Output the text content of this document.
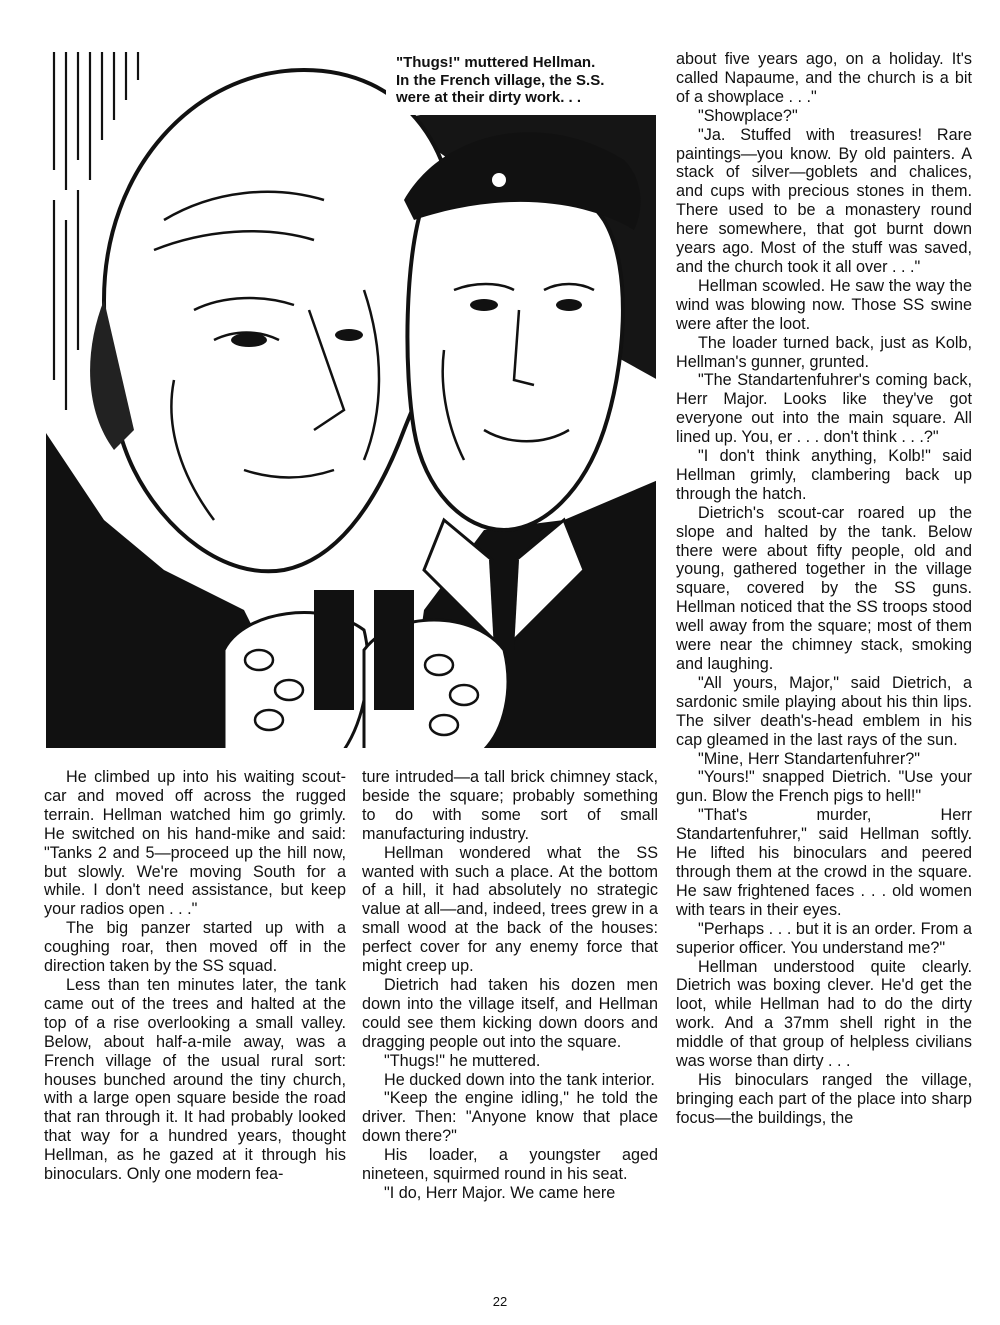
"Thugs!" muttered Hellman.
In the French village, the S.S.
were at their dirty work. . .

about five years ago, on a holiday. It's called Napaume, and the church is a bit of a showplace . . ."

"Showplace?"

"Ja. Stuffed with treasures! Rare paintings—you know. By old painters. A stack of silver—goblets and chalices, and cups with precious stones in them. There used to be a monastery round here somewhere, that got burnt down years ago. Most of the stuff was saved, and the church took it all over . . ."

Hellman scowled. He saw the way the wind was blowing now. Those SS swine were after the loot.

The loader turned back, just as Kolb, Hellman's gunner, grunted.

"The Standartenfuhrer's coming back, Herr Major. Looks like they've got everyone out into the main square. All lined up. You, er . . . don't think . . .?"

"I don't think anything, Kolb!" said Hellman grimly, clambering back up through the hatch.

Dietrich's scout-car roared up the slope and halted by the tank. Below there were about fifty people, old and young, gathered together in the village square, covered by the SS guns. Hellman noticed that the SS troops stood well away from the square; most of them were near the chimney stack, smoking and laughing.

"All yours, Major," said Dietrich, a sardonic smile playing about his thin lips. The silver death's-head emblem in his cap gleamed in the last rays of the sun.

"Mine, Herr Standartenfuhrer?"

"Yours!" snapped Dietrich. "Use your gun. Blow the French pigs to hell!"

"That's murder, Herr Standartenfuhrer," said Hellman softly. He lifted his binoculars and peered through them at the crowd in the square. He saw frightened faces . . . old women with tears in their eyes.

"Perhaps . . . but it is an order. From a superior officer. You understand me?"

Hellman understood quite clearly. Dietrich was boxing clever. He'd get the loot, while Hellman had to do the dirty work. And a 37mm shell right in the middle of that group of helpless civilians was worse than dirty . . .

His binoculars ranged the village, bringing each part of the place into sharp focus—the buildings, the

He climbed up into his waiting scout-car and moved off across the rugged terrain. Hellman watched him go grimly. He switched on his hand-mike and said: "Tanks 2 and 5—proceed up the hill now, but slowly. We're moving South for a while. I don't need assistance, but keep your radios open . . ."

The big panzer started up with a coughing roar, then moved off in the direction taken by the SS squad.

Less than ten minutes later, the tank came out of the trees and halted at the top of a rise overlooking a small valley. Below, about half-a-mile away, was a French village of the usual rural sort: houses bunched around the tiny church, with a large open square beside the road that ran through it. It had probably looked that way for a hundred years, thought Hellman, as he gazed at it through his binoculars. Only one modern fea-

ture intruded—a tall brick chimney stack, beside the square; probably something to do with some sort of small manufacturing industry.

Hellman wondered what the SS wanted with such a place. At the bottom of a hill, it had absolutely no strategic value at all—and, indeed, trees grew in a small wood at the back of the houses: perfect cover for any enemy force that might creep up.

Dietrich had taken his dozen men down into the village itself, and Hellman could see them kicking down doors and dragging people out into the square.

"Thugs!" he muttered.

He ducked down into the tank interior.

"Keep the engine idling," he told the driver. Then: "Anyone know that place down there?"

His loader, a youngster aged nineteen, squirmed round in his seat.

"I do, Herr Major. We came here

22
